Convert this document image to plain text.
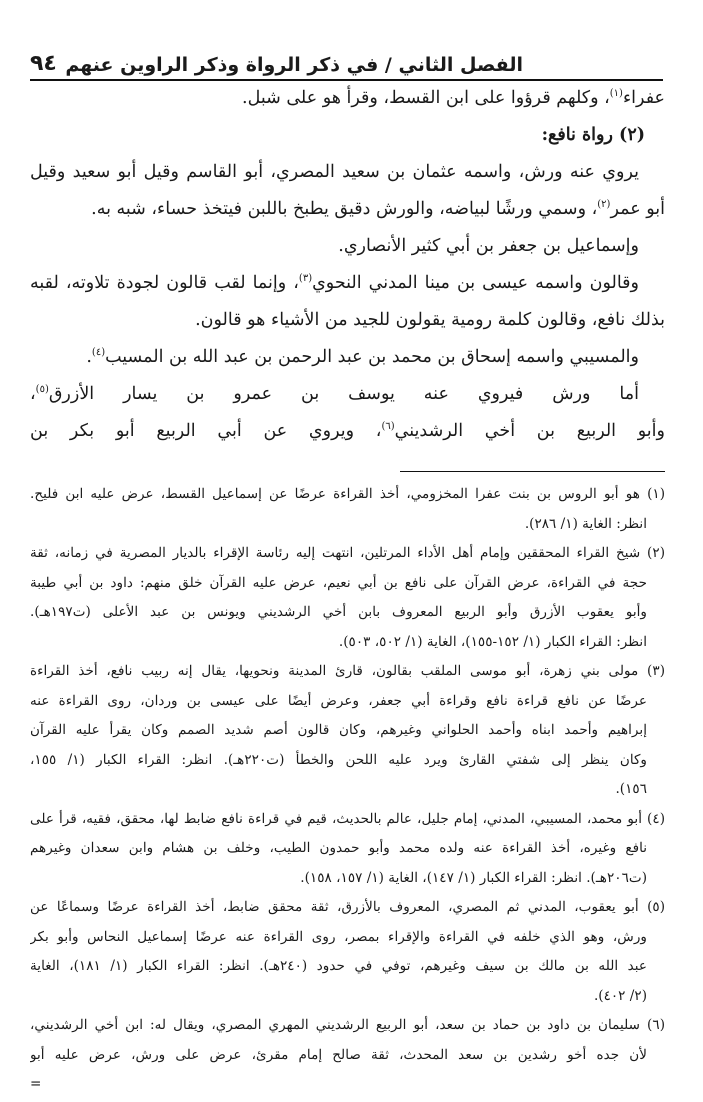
الفصل الثاني / في ذكر الرواة وذكر الراوين عنهم
٩٤
عفراء$^{(١)}$، وكلهم قرؤوا على ابن القسط، وقرأ هو على شبل.
(٢) رواة نافع:
يروي عنه ورش، واسمه عثمان بن سعيد المصري، أبو القاسم وقيل أبو سعيد وقيل
أبو عمر$^{(٢)}$، وسمي ورشًا لبياضه، والورش دقيق يطبخ باللبن فيتخذ حساء، شبه به.
وإسماعيل بن جعفر بن أبي كثير الأنصاري.
وقالون واسمه عيسى بن مينا المدني النحوي$^{(٣)}$، وإنما لقب قالون لجودة تلاوته، لقبه
بذلك نافع، وقالون كلمة رومية يقولون للجيد من الأشياء هو قالون.
والمسيبي واسمه إسحاق بن محمد بن عبد الرحمن بن عبد الله بن المسيب$^{(٤)}$.
أما ورش فيروي عنه يوسف بن عمرو بن يسار الأزرق$^{(٥)}$،
وأبو الربيع بن أخي الرشديني$^{(٦)}$، ويروي عن أبي الربيع أبو بكر بن
(١) هو أبو الروس بن بنت عفرا المخزومي، أخذ القراءة عرضًا عن إسماعيل القسط، عرض عليه ابن فليح.
انظر: الغاية (١/ ٢٨٦).
(٢) شيخ القراء المحققين وإمام أهل الأداء المرتلين، انتهت إليه رئاسة الإقراء بالديار المصرية في زمانه، ثقة
حجة في القراءة، عرض القرآن على نافع بن أبي نعيم، عرض عليه القرآن خلق منهم: داود بن أبي طيبة
وأبو يعقوب الأزرق وأبو الربيع المعروف بابن أخي الرشديني ويونس بن عبد الأعلى (ت١٩٧هـ).
انظر: القراء الكبار (١/ ١٥٢-١٥٥)، الغاية (١/ ٥٠٢، ٥٠٣).
(٣) مولى بني زهرة، أبو موسى الملقب بقالون، قارئ المدينة ونحويها، يقال إنه ربيب نافع، أخذ القراءة
عرضًا عن نافع قراءة نافع وقراءة أبي جعفر، وعرض أيضًا على عيسى بن وردان، روى القراءة عنه
إبراهيم وأحمد ابناه وأحمد الحلواني وغيرهم، وكان قالون أصم شديد الصمم وكان يقرأ عليه القرآن
وكان ينظر إلى شفتي القارئ ويرد عليه اللحن والخطأ (ت٢٢٠هـ). انظر: القراء الكبار (١/ ١٥٥،
١٥٦).
(٤) أبو محمد، المسيبي، المدني، إمام جليل، عالم بالحديث، قيم في قراءة نافع ضابط لها، محقق، فقيه، قرأ على
نافع وغيره، أخذ القراءة عنه ولده محمد وأبو حمدون الطيب، وخلف بن هشام وابن سعدان وغيرهم
(ت٢٠٦هـ). انظر: القراء الكبار (١/ ١٤٧)، الغاية (١/ ١٥٧، ١٥٨).
(٥) أبو يعقوب، المدني ثم المصري، المعروف بالأزرق، ثقة محقق ضابط، أخذ القراءة عرضًا وسماعًا عن
ورش، وهو الذي خلفه في القراءة والإقراء بمصر، روى القراءة عنه عرضًا إسماعيل النحاس وأبو بكر
عبد الله بن مالك بن سيف وغيرهم، توفي في حدود (٢٤٠هـ). انظر: القراء الكبار (١/ ١٨١)، الغاية
(٢/ ٤٠٢).
(٦) سليمان بن داود بن حماد بن سعد، أبو الربيع الرشديني المهري المصري، ويقال له: ابن أخي الرشديني،
لأن جده أخو رشدين بن سعد المحدث، ثقة صالح إمام مقرئ، عرض على ورش، عرض عليه أبو
=
